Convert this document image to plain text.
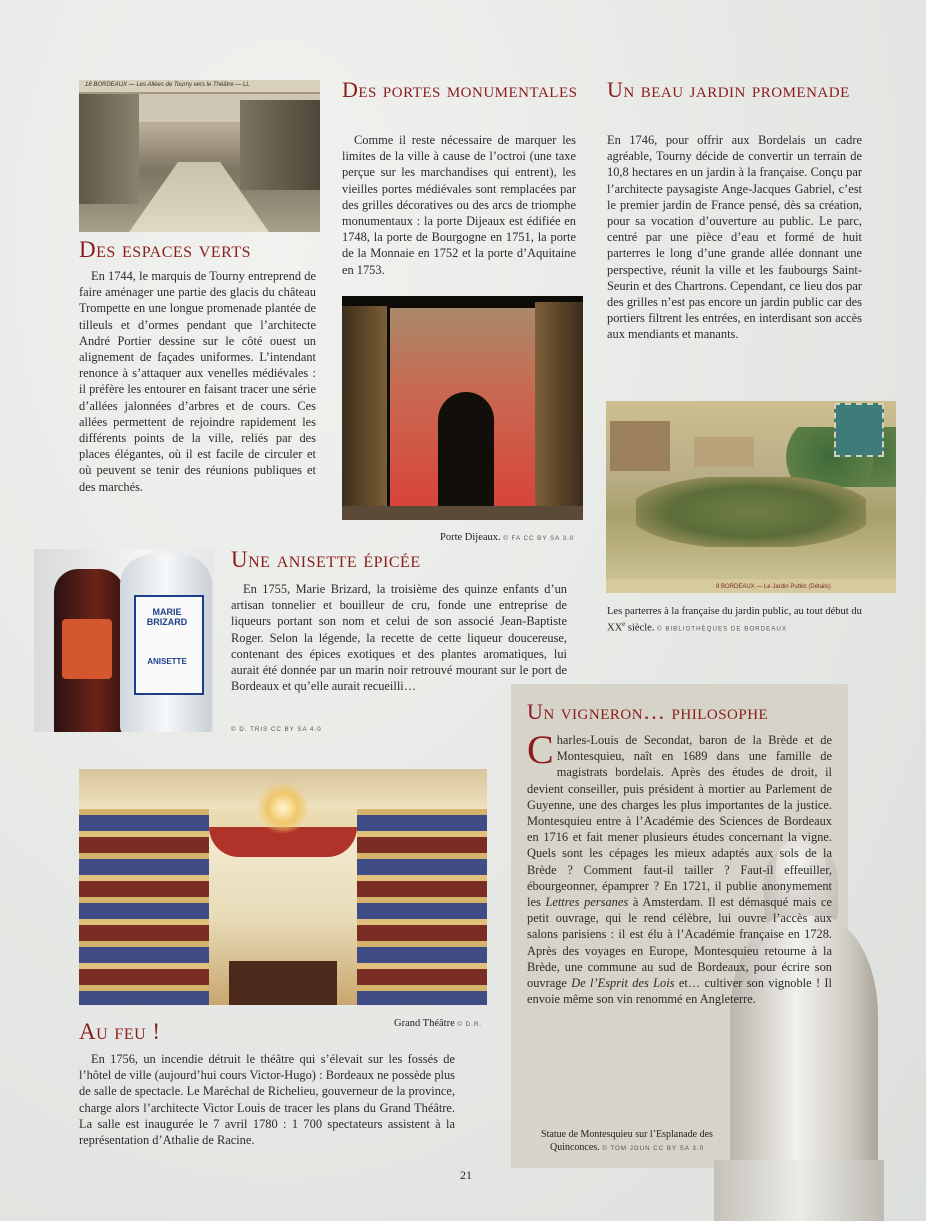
18 BORDEAUX — Les Allées de Tourny vers le Théâtre — LL
Des espaces verts

En 1744, le marquis de Tourny entreprend de faire aménager une partie des glacis du château Trompette en une longue promenade plantée de tilleuls et d’ormes pendant que l’architecte André Portier dessine sur le côté ouest un alignement de façades uniformes. L’intendant renonce à s’attaquer aux venelles médiévales : il préfère les entourer en faisant tracer une série d’allées jalonnées d’arbres et de cours. Ces allées permettent de rejoindre rapidement les différents points de la ville, reliés par des places élégantes, où il est facile de circuler et où peuvent se tenir des réunions publiques et des marchés.

Des portes monumentales

Comme il reste nécessaire de marquer les limites de la ville à cause de l’octroi (une taxe perçue sur les marchandises qui entrent), les vieilles portes médiévales sont remplacées par des grilles décoratives ou des arcs de triomphe monumentaux : la porte Dijeaux est édifiée en 1748, la porte de Bourgogne en 1751, la porte de la Monnaie en 1752 et la porte d’Aquitaine en 1753.

Porte Dijeaux. © FA CC BY SA 3.0
Un beau jardin promenade

En 1746, pour offrir aux Bordelais un cadre agréable, Tourny décide de convertir un terrain de 10,8 hectares en un jardin à la française. Conçu par l’architecte paysagiste Ange-Jacques Gabriel, c’est le premier jardin de France pensé, dès sa création, pour sa vocation d’ouverture au public. Le parc, centré par une pièce d’eau et formé de huit parterres le long d’une grande allée donnant une perspective, réunit la ville et les faubourgs Saint-Seurin et des Chartrons. Cependant, ce lieu dos par des grilles n’est pas encore un jardin public car des portiers filtrent les entrées, en interdisant son accès aux mendiants et manants.

8 BORDEAUX — Le Jardin Public (Détails)
Les parterres à la française du jardin public, au tout début du XXe siècle. © BIBLIOTHÈQUES DE BORDEAUX
MARIE BRIZARD
ANISETTE
Une anisette épicée

En 1755, Marie Brizard, la troisième des quinze enfants d’un artisan tonnelier et bouilleur de cru, fonde une entreprise de liqueurs portant son nom et celui de son associé Jean-Baptiste Roger. Selon la légende, la recette de cette liqueur doucereuse, contenant des épices exotiques et des plantes aromatiques, lui aurait été donnée par un marin noir retrouvé mourant sur le port de Bordeaux et qu’elle aurait recueilli…

© D. TRIS CC BY SA 4.0
Grand Théâtre © D.R.
Au feu !

En 1756, un incendie détruit le théâtre qui s’élevait sur les fossés de l’hôtel de ville (aujourd’hui cours Victor-Hugo) : Bordeaux ne possède plus de salle de spectacle. Le Maréchal de Richelieu, gouverneur de la province, charge alors l’architecte Victor Louis de tracer les plans du Grand Théâtre. La salle est inaugurée le 7 avril 1780 : 1 700 spectateurs assistent à la représentation d’Athalie de Racine.

Un vigneron… philosophe
Charles-Louis de Secondat, baron de la Brède et de Montesquieu, naît en 1689 dans une famille de magistrats bordelais. Après des études de droit, il devient conseiller, puis président à mortier au Parlement de Guyenne, une des charges les plus importantes de la justice. Montesquieu entre à l’Académie des Sciences de Bordeaux en 1716 et fait mener plusieurs études concernant la vigne. Quels sont les cépages les mieux adaptés aux sols de la Brède ? Comment faut-il tailler ? Faut-il effeuiller, ébourgeonner, épamprer ? En 1721, il publie anonymement les Lettres persanes à Amsterdam. Il est démasqué mais ce petit ouvrage, qui le rend célèbre, lui ouvre l’accès aux salons parisiens : il est élu à l’Académie française en 1728. Après des voyages en Europe, Montesquieu retourne à la Brède, une commune au sud de Bordeaux, pour écrire son ouvrage De l’Esprit des Lois et… cultiver son vignoble ! Il envoie même son vin renommé en Angleterre.
Statue de Montesquieu sur l’Esplanade des Quinconces. © TOM JOUN CC BY SA 3.0
21
